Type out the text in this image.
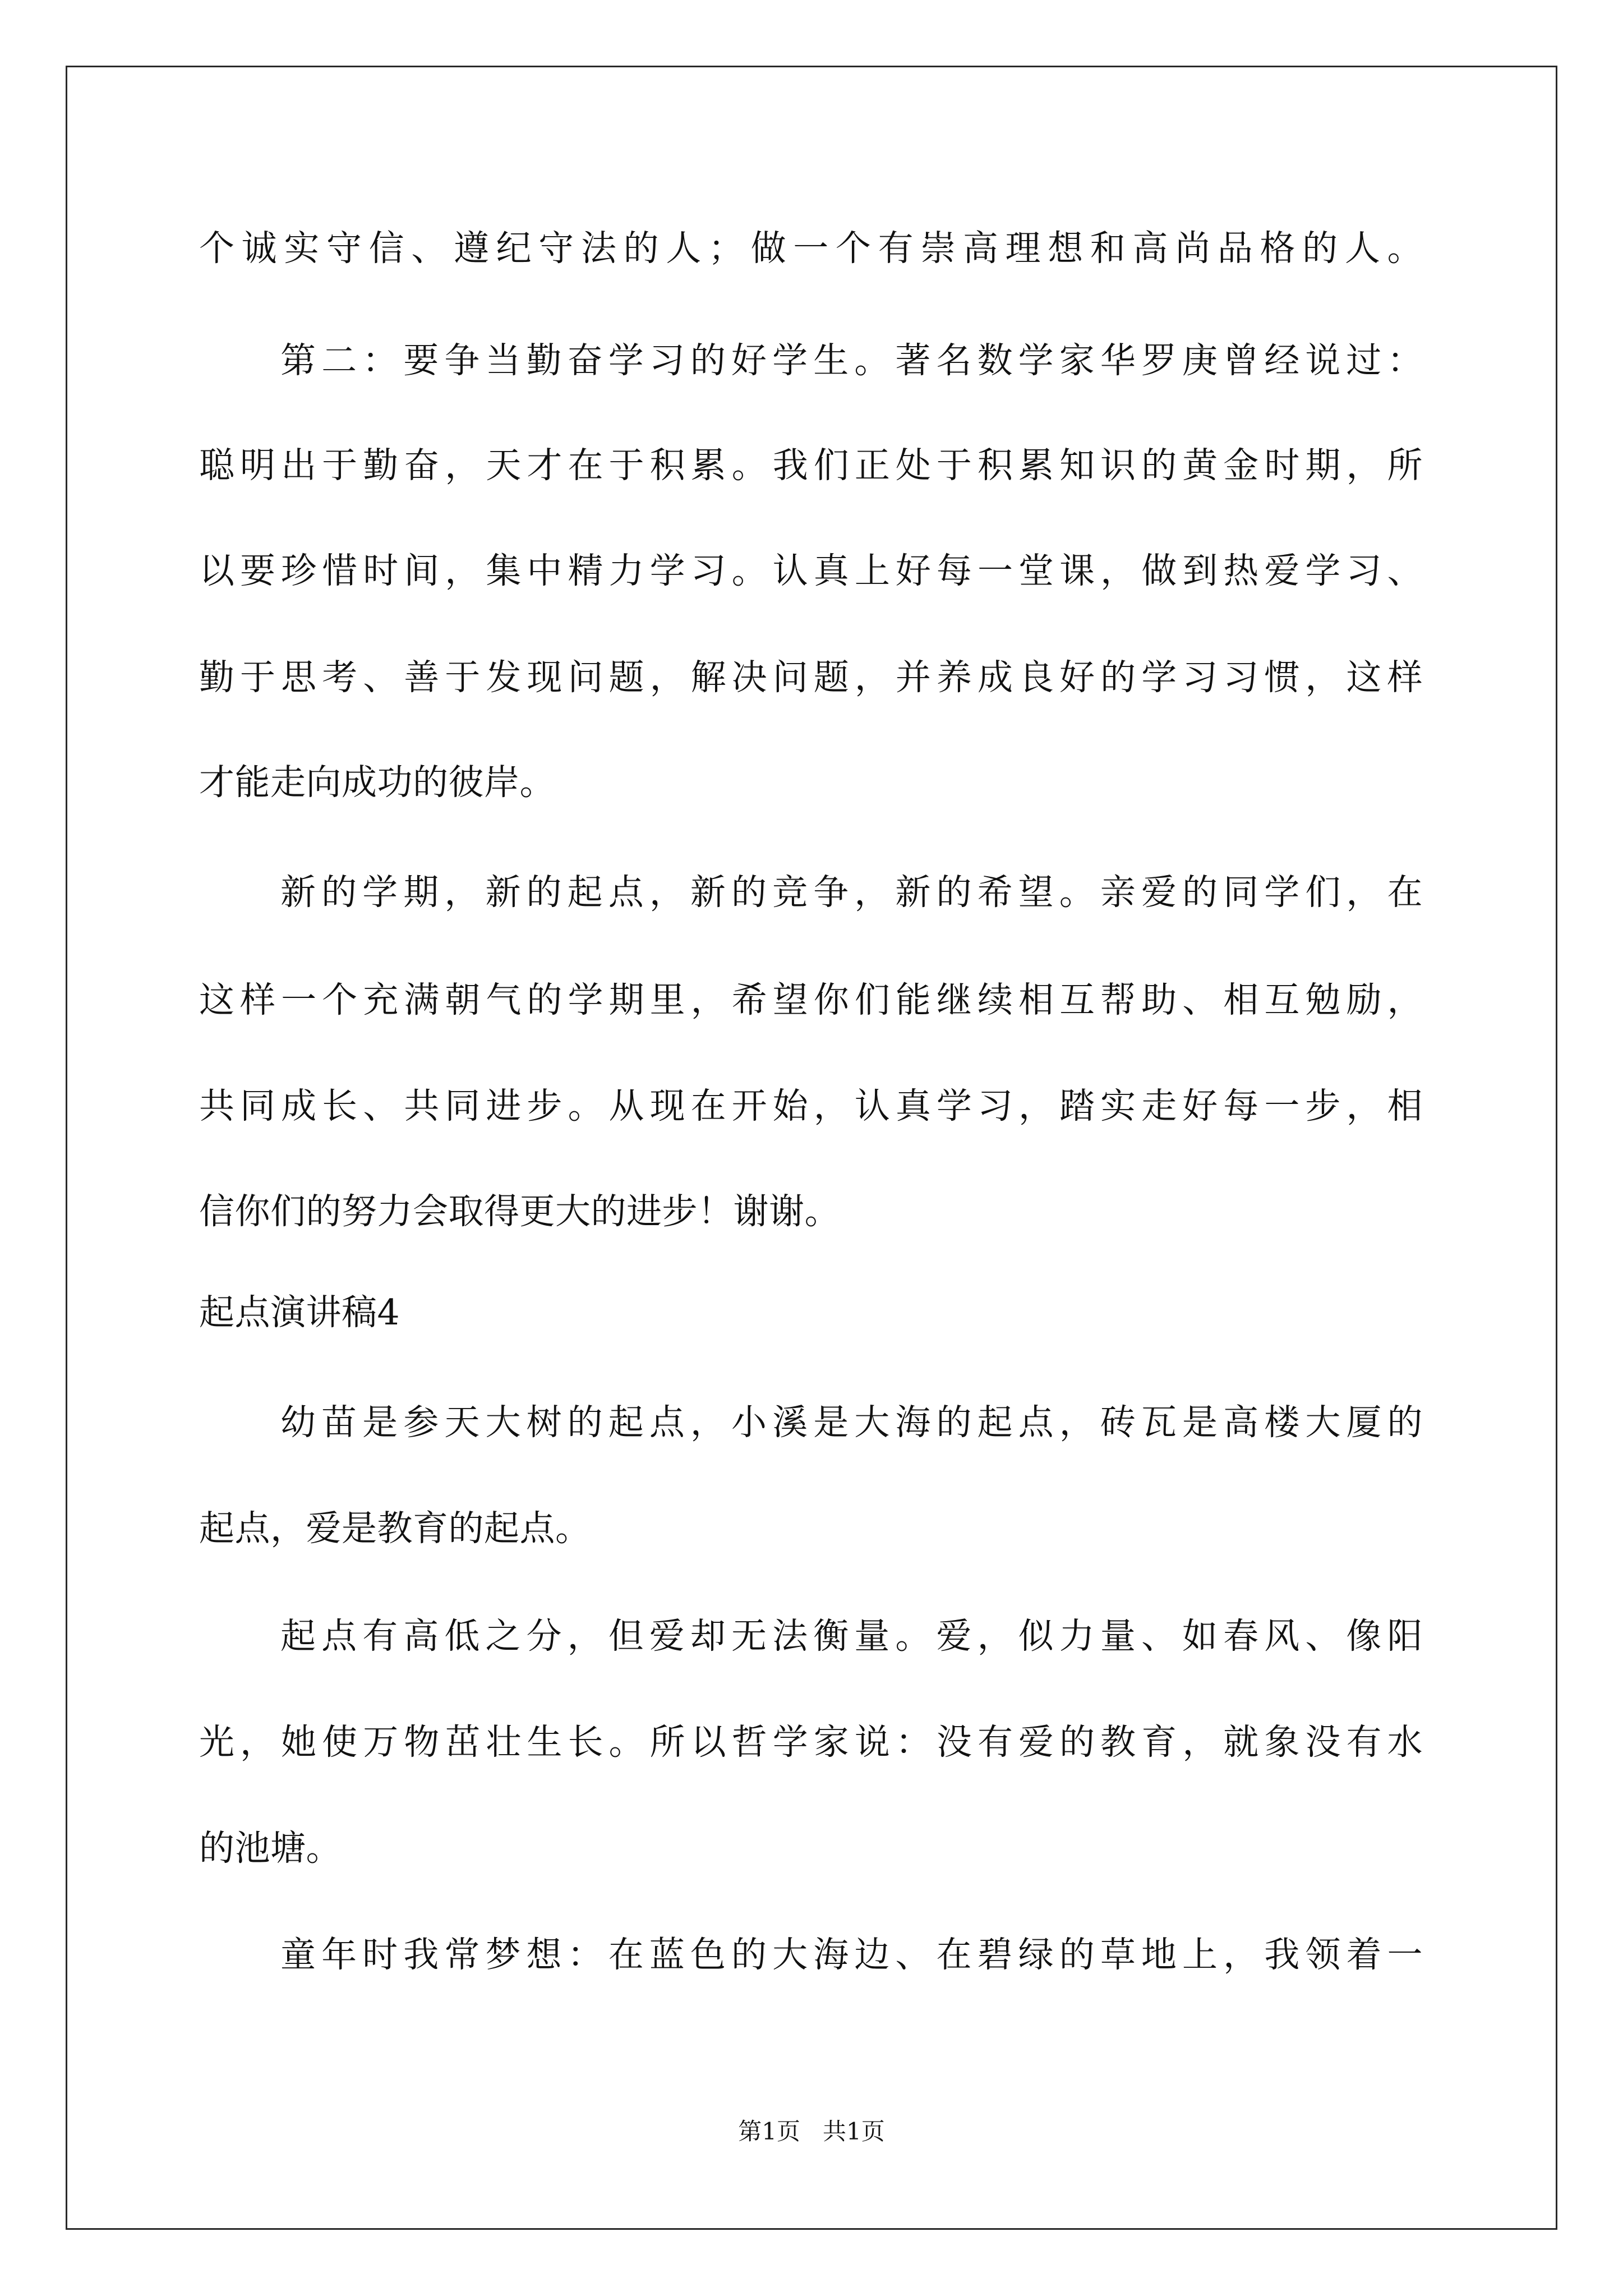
个诚实守信、遵纪守法的人；做一个有崇高理想和高尚品格的人。
第二：要争当勤奋学习的好学生。著名数学家华罗庚曾经说过：
聪明出于勤奋，天才在于积累。我们正处于积累知识的黄金时期，所
以要珍惜时间，集中精力学习。认真上好每一堂课，做到热爱学习、
勤于思考、善于发现问题，解决问题，并养成良好的学习习惯，这样
才能走向成功的彼岸。
新的学期，新的起点，新的竞争，新的希望。亲爱的同学们，在
这样一个充满朝气的学期里，希望你们能继续相互帮助、相互勉励，
共同成长、共同进步。从现在开始，认真学习，踏实走好每一步，相
信你们的努力会取得更大的进步！谢谢。
起点演讲稿4
幼苗是参天大树的起点，小溪是大海的起点，砖瓦是高楼大厦的
起点，爱是教育的起点。
起点有高低之分，但爱却无法衡量。爱，似力量、如春风、像阳
光，她使万物茁壮生长。所以哲学家说：没有爱的教育，就象没有水
的池塘。
童年时我常梦想：在蓝色的大海边、在碧绿的草地上，我领着一
第1页   共1页
